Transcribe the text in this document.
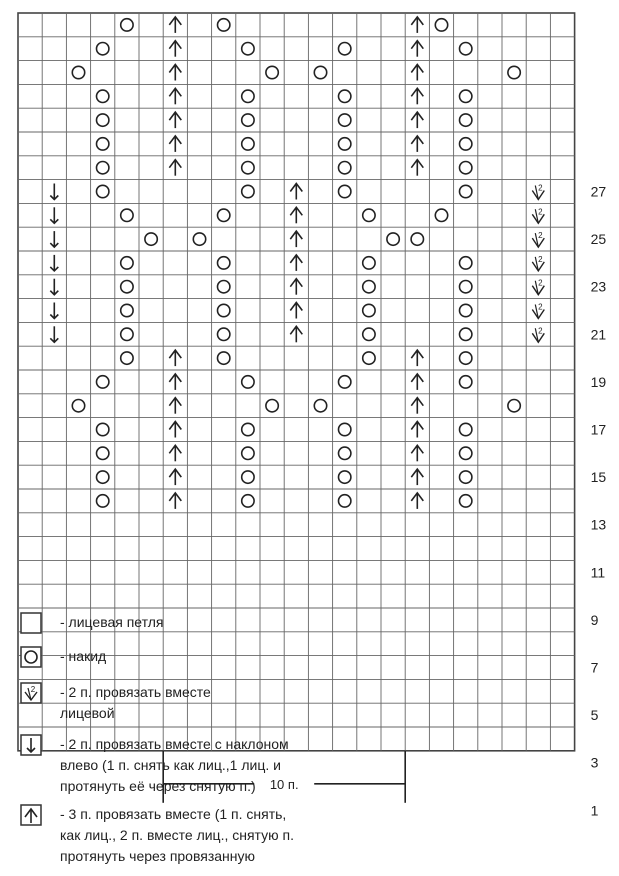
2
2
2
2
2
2
2
27
25
23
21
19
17
15
13
11
9
7
5
3
1
10 п.
- лицевая петля
- накид
2 - 2 п. провязать вместе
лицевой
- 2 п. провязать вместе с наклоном
влево (1 п. снять как лиц.,1 лиц. и
протянуть её через снятую п.)
- 3 п. провязать вместе (1 п. снять,
как лиц., 2 п. вместе лиц., снятую п.
протянуть через провязанную
